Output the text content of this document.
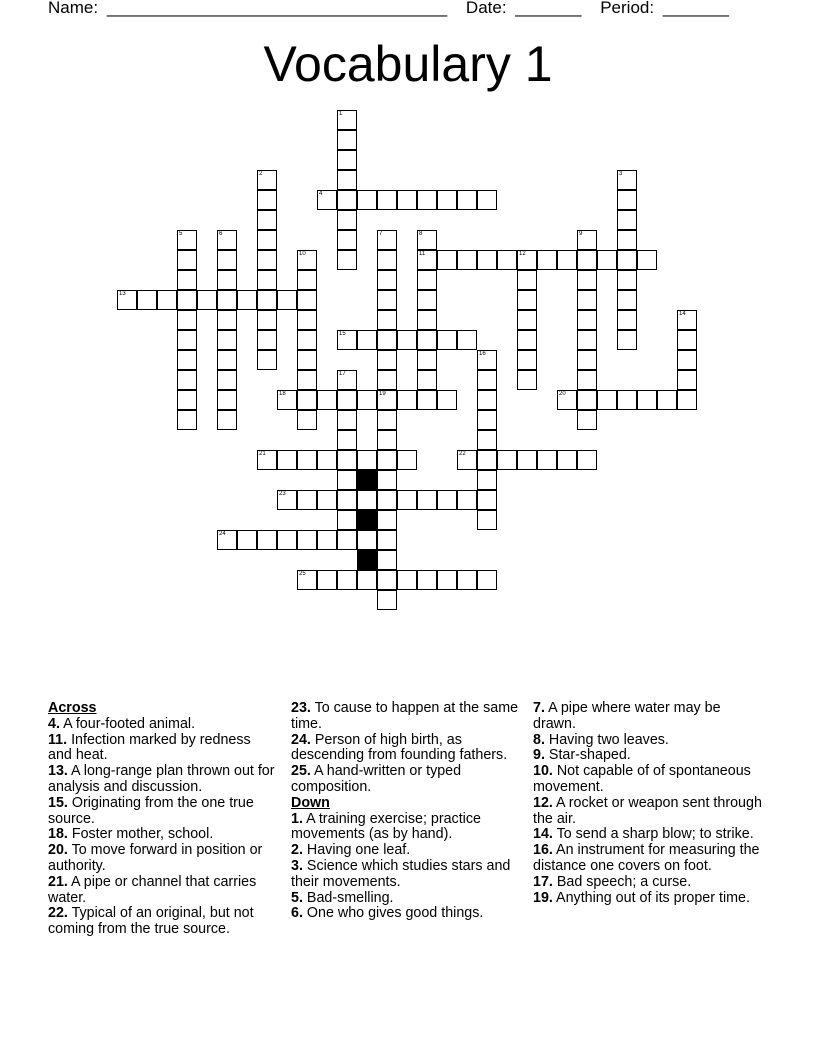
Name: ____________________________________ Date: _______ Period: _______
Vocabulary 1
1
2	3
4
5	6	7
19
8
11
9
10	12
13
14
15
16
17
18	20
21	22
23
24
25
Across
4. A four-footed animal.
11. Infection marked by redness and heat.
13. A long-range plan thrown out for analysis and discussion.
15. Originating from the one true source.
18. Foster mother, school.
20. To move forward in position or authority.
21. A pipe or channel that carries water.
22. Typical of an original, but not coming from the true source.
23. To cause to happen at the same time.
24. Person of high birth, as descending from founding fathers.
25. A hand-written or typed composition.
Down
1. A training exercise; practice movements (as by hand).
2. Having one leaf.
3. Science which studies stars and their movements.
5. Bad-smelling.
6. One who gives good things.
7. A pipe where water may be drawn.
8. Having two leaves.
9. Star-shaped.
10. Not capable of of spontaneous movement.
12. A rocket or weapon sent through the air.
14. To send a sharp blow; to strike.
16. An instrument for measuring the distance one covers on foot.
17. Bad speech; a curse.
19. Anything out of its proper time.
